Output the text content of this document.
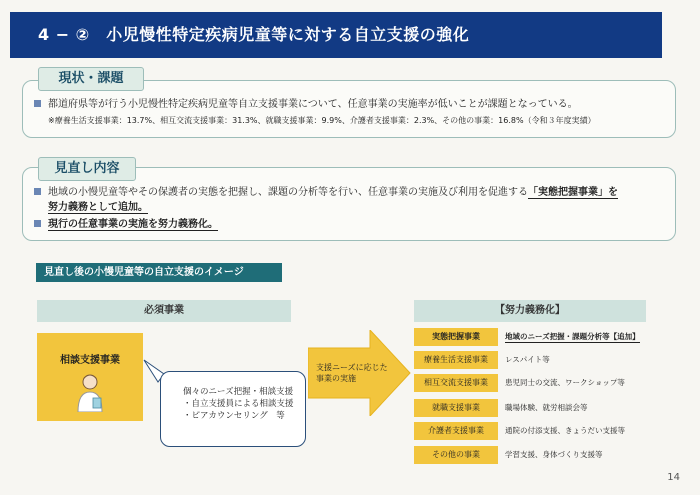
4 − ②　小児慢性特定疾病児童等に対する自立支援の強化
現状・課題
都道府県等が行う小児慢性特定疾病児童等自立支援事業について、任意事業の実施率が低いことが課題となっている。
※療養生活支援事業：13.7%、相互交流支援事業：31.3%、就職支援事業：9.9%、介護者支援事業：2.3%、その他の事業：16.8%（令和３年度実績）
見直し内容
地域の小慢児童等やその保護者の実態を把握し、課題の分析等を行い、任意事業の実施及び利用を促進する「実態把握事業」を
努力義務として追加。
現行の任意事業の実施を努力義務化。
見直し後の小慢児童等の自立支援のイメージ
必須事業	【努力義務化】
相談支援事業
個々のニーズ把握・相談支援
・自立支援員による相談支援
・ピアカウンセリング　等
支援ニーズに応じた
事業の実施
実態把握事業	地域のニーズ把握・課題分析等【追加】
療養生活支援事業	レスパイト等
相互交流支援事業	患児同士の交流、ワークショップ等
就職支援事業	職場体験、就労相談会等
介護者支援事業	通院の付添支援、きょうだい支援等
その他の事業	学習支援、身体づくり支援等
14
